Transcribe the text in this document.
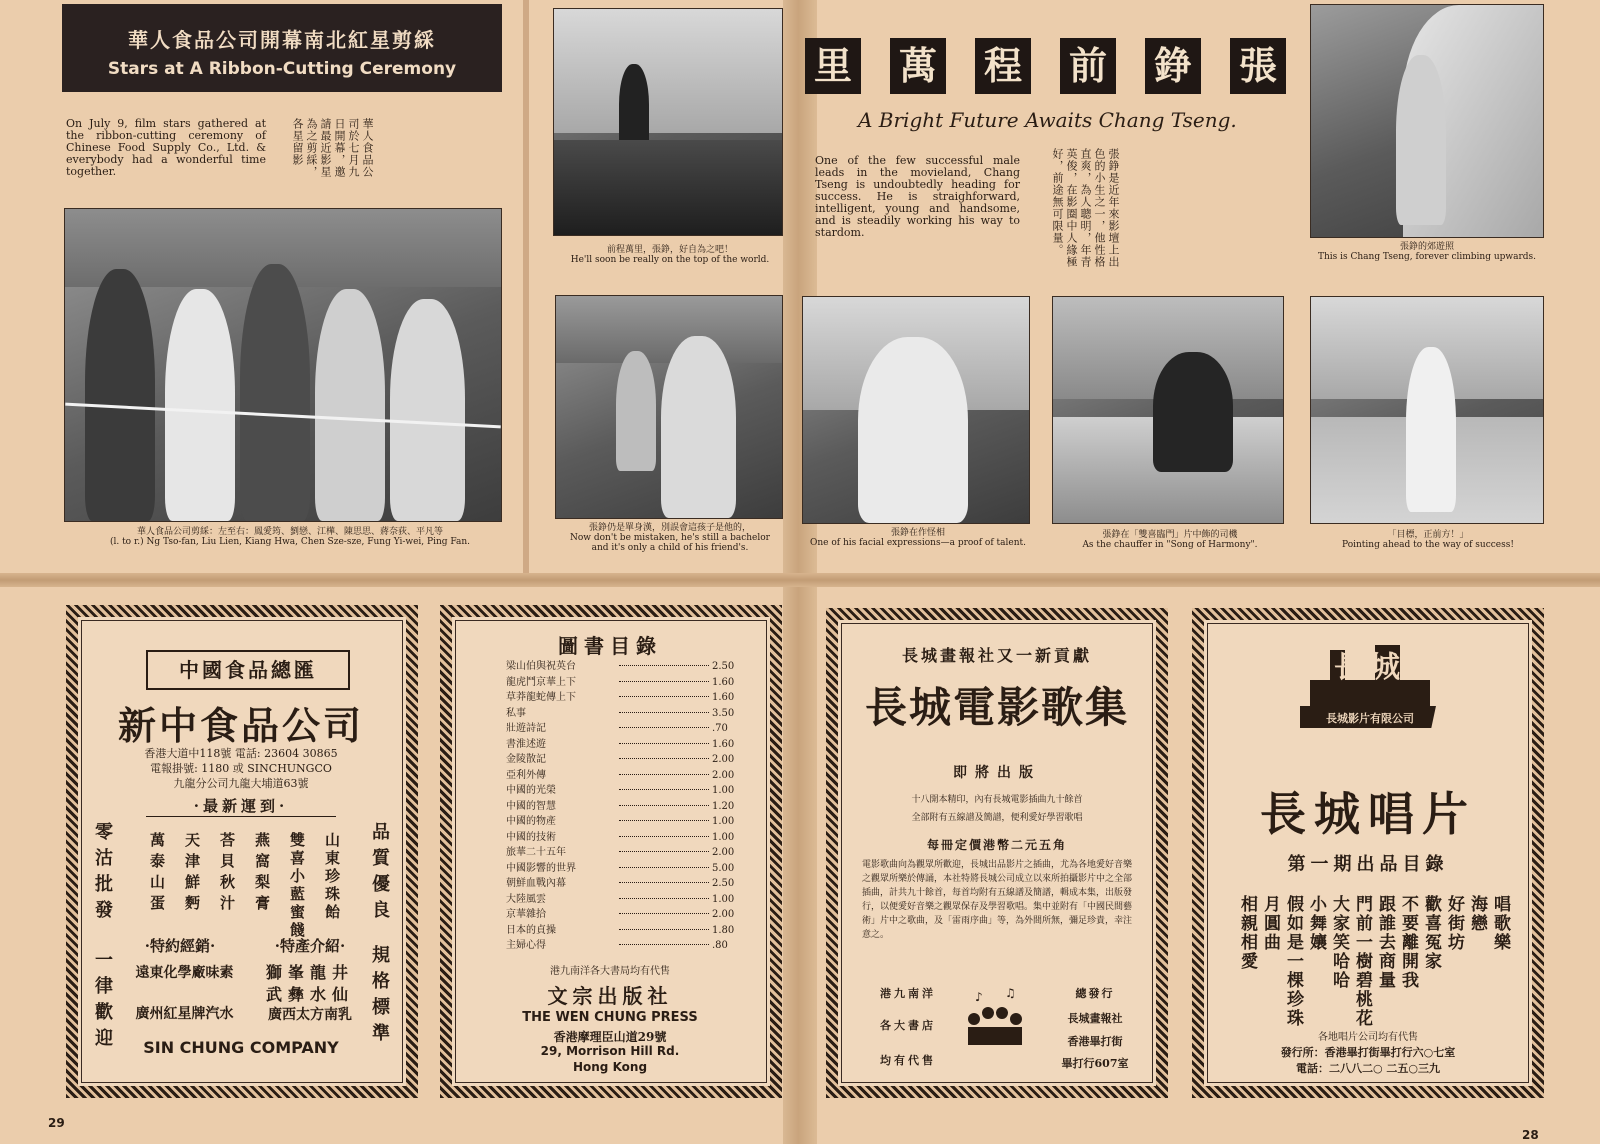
華人食品公司開幕南北紅星剪綵
Stars at A Ribbon-Cutting Ceremony
On July 9, film stars gathered at the ribbon-cutting ceremony of Chinese Food Supply Co., Ltd. & everybody had a wonderful time together.	華人食品公司於七月九日開幕，邀請最近影星為之剪綵，各星留影
華人食品公司剪綵：左至右：鳳愛筠、劉戀、江樺、陳思思、蔣奈荻、平凡等
(l. to r.) Ng Tso-fan, Liu Lien, Kiang Hwa, Chen Sze-sze, Fung Yi-wei, Ping Fan.
前程萬里，張錚，好自為之吧！
He'll soon be really on the top of the world.
張錚仍是單身漢，別誤會這孩子是他的，
Now don't be mistaken, he's still a bachelor and it's only a child of his friend's.
張
錚
前
程
萬
里
A Bright Future Awaits Chang Tseng.
One of the few successful male leads in the movieland, Chang Tseng is undoubtedly heading for success. He is straighforward, intelligent, young and handsome, and is steadily working his way to stardom.	張錚是近年來影壇上出色的小生之一，他性格直爽，為人聰明，年青英俊，在影圈中人緣極好，前途無可限量。	張錚的郊遊照
This is Chang Tseng, forever climbing upwards.
張錚在作怪相
One of his facial expressions—a proof of talent.
張錚在「雙喜臨門」片中飾的司機
As the chauffer in "Song of Harmony".
「目標，正前方！」
Pointing ahead to the way of success!
中國食品總匯
新中食品公司
香港大道中118號 電話: 23604 30865
電報掛號: 1180 或 SINCHUNGCO
九龍分公司九龍大埔道63號
·最新運到·
零沽批發	品質優良
山東珍珠飴
雙喜小藍蜜餞
燕窩梨膏
荅貝秋汁
天津鮮麪
萬泰山蛋
·特約經銷·	·特產介紹·
一律歡迎	規格標準
遠東化學廠味素
廣州紅星牌汽水
獅峯龍井
武彝水仙
廣西太方南乳
SIN CHUNG COMPANY
圖書目錄
梁山伯與祝英台	2.50
龍虎鬥京華上下	1.60
草莽龍蛇傳上下	1.60
私事	3.50
壯遊詩記	.70
書淮述遊	1.60
金陵散記	2.00
亞利外傳	2.00
中國的光榮	1.00
中國的智慧	1.20
中國的物產	1.00
中國的技術	1.00
旅華二十五年	2.00
中國影響的世界	5.00
朝鮮血戰內幕	2.50
大陸風雲	1.00
京華雜拾	2.00
日本的貞操	1.80
主婦心得	.80
港九南洋各大書局均有代售
文宗出版社
THE WEN CHUNG PRESS
香港摩理臣山道29號
29, Morrison Hill Rd.
Hong Kong
長城畫報社又一新貢獻
長城電影歌集
即將出版
十八開本精印，內有長城電影插曲九十餘首
全部附有五線譜及簡譜，便利愛好學習歌唱
每冊定價港幣二元五角
電影歌曲向為觀眾所歡迎，長城出品影片之插曲，尤為各地愛好音樂之觀眾所樂於傳誦，本社特將長城公司成立以來所拍攝影片中之全部插曲，計共九十餘首，每首均附有五線譜及簡譜，輯成本集，出版發行，以便愛好音樂之觀眾保存及學習歌唱。集中並附有「中國民間藝術」片中之歌曲，及「雷雨序曲」等，為外間所無，彌足珍貴，幸注意之。
港九南洋
各大書店
均有代售
♪ ♫	總發行
長城畫報社
香港畢打街
畢打行607室
長城
長城影片有限公司
長城唱片
第一期出品目錄
唱歌樂
海戀
好街坊
歡喜冤家
不要離開我
跟誰去商量
門前一樹碧桃花
大家笑哈哈
小舞孃
假如是一棵珍珠
月圓曲
相親相愛
各地唱片公司均有代售
發行所：香港畢打街畢打行六○七室
電話：二八八二○ 二五○三九
29
28
